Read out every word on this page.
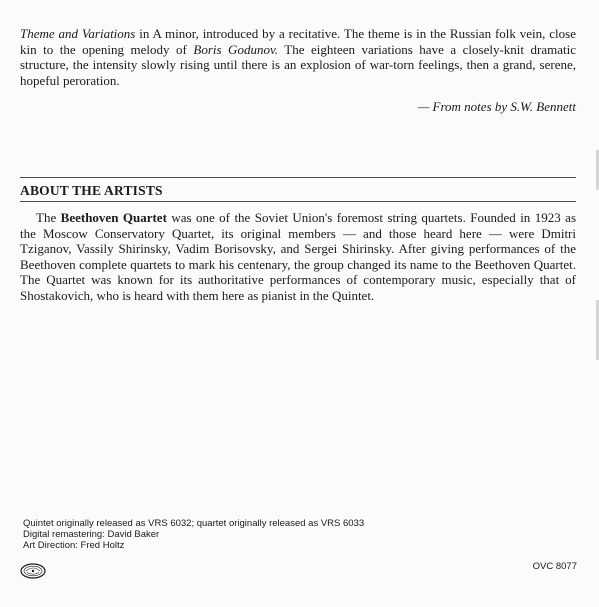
Theme and Variations in A minor, introduced by a recitative. The theme is in the Russian folk vein, close kin to the opening melody of Boris Godunov. The eighteen variations have a closely-knit dramatic structure, the intensity slowly rising until there is an explosion of war-torn feelings, then a grand, serene, hopeful peroration.

— From notes by S.W. Bennett

ABOUT THE ARTISTS

The Beethoven Quartet was one of the Soviet Union's foremost string quartets. Founded in 1923 as the Moscow Conservatory Quartet, its original members — and those heard here — were Dmitri Tziganov, Vassily Shirinsky, Vadim Borisovsky, and Sergei Shirinsky. After giving performances of the Beethoven complete quartets to mark his centenary, the group changed its name to the Beethoven Quartet. The Quartet was known for its authoritative performances of contemporary music, especially that of Shostakovich, who is heard with them here as pianist in the Quintet.

Quintet originally released as VRS 6032; quartet originally released as VRS 6033
Digital remastering: David Baker
Art Direction: Fred Holtz
OVC 8077
